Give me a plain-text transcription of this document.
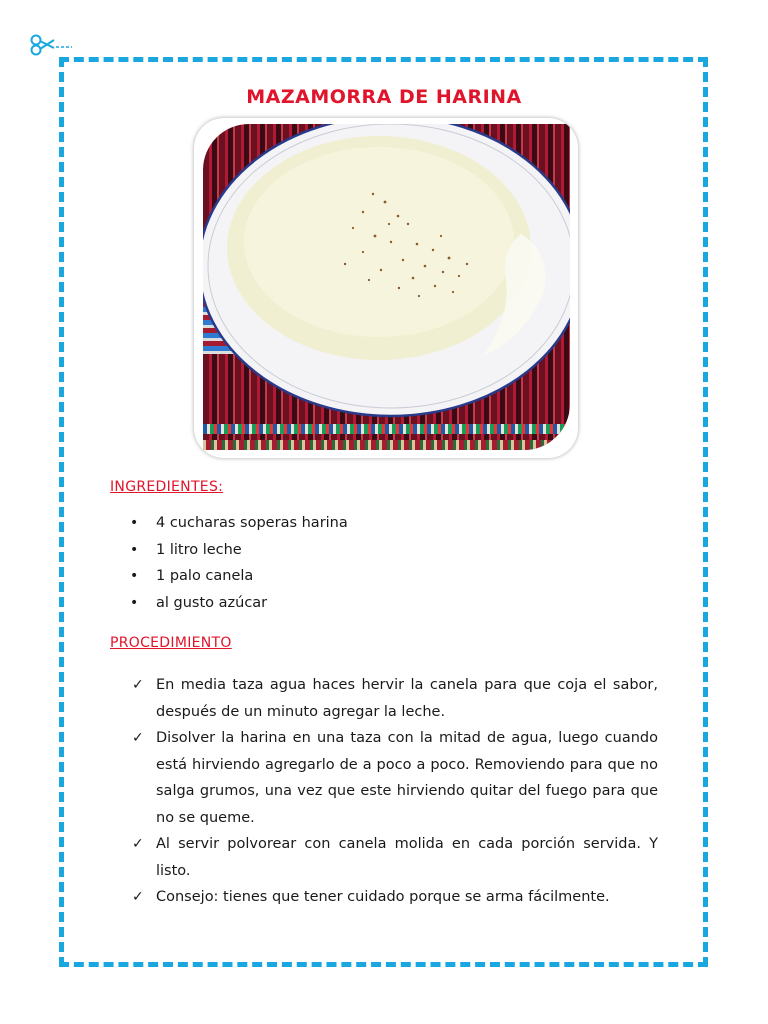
MAZAMORRA DE HARINA
INGREDIENTES:
• 4 cucharas soperas harina
• 1 litro leche
• 1 palo canela
• al gusto azúcar
PROCEDIMIENTO
✓ En media taza agua haces hervir la canela para que coja el sabor, después de un minuto agregar la leche.
✓ Disolver la harina en una taza con la mitad de agua, luego cuando está hirviendo agregarlo de a poco a poco. Removiendo para que no salga grumos, una vez que este hirviendo quitar del fuego para que no se queme.
✓ Al servir polvorear con canela molida en cada porción servida. Y listo.
✓ Consejo: tienes que tener cuidado porque se arma fácilmente.
